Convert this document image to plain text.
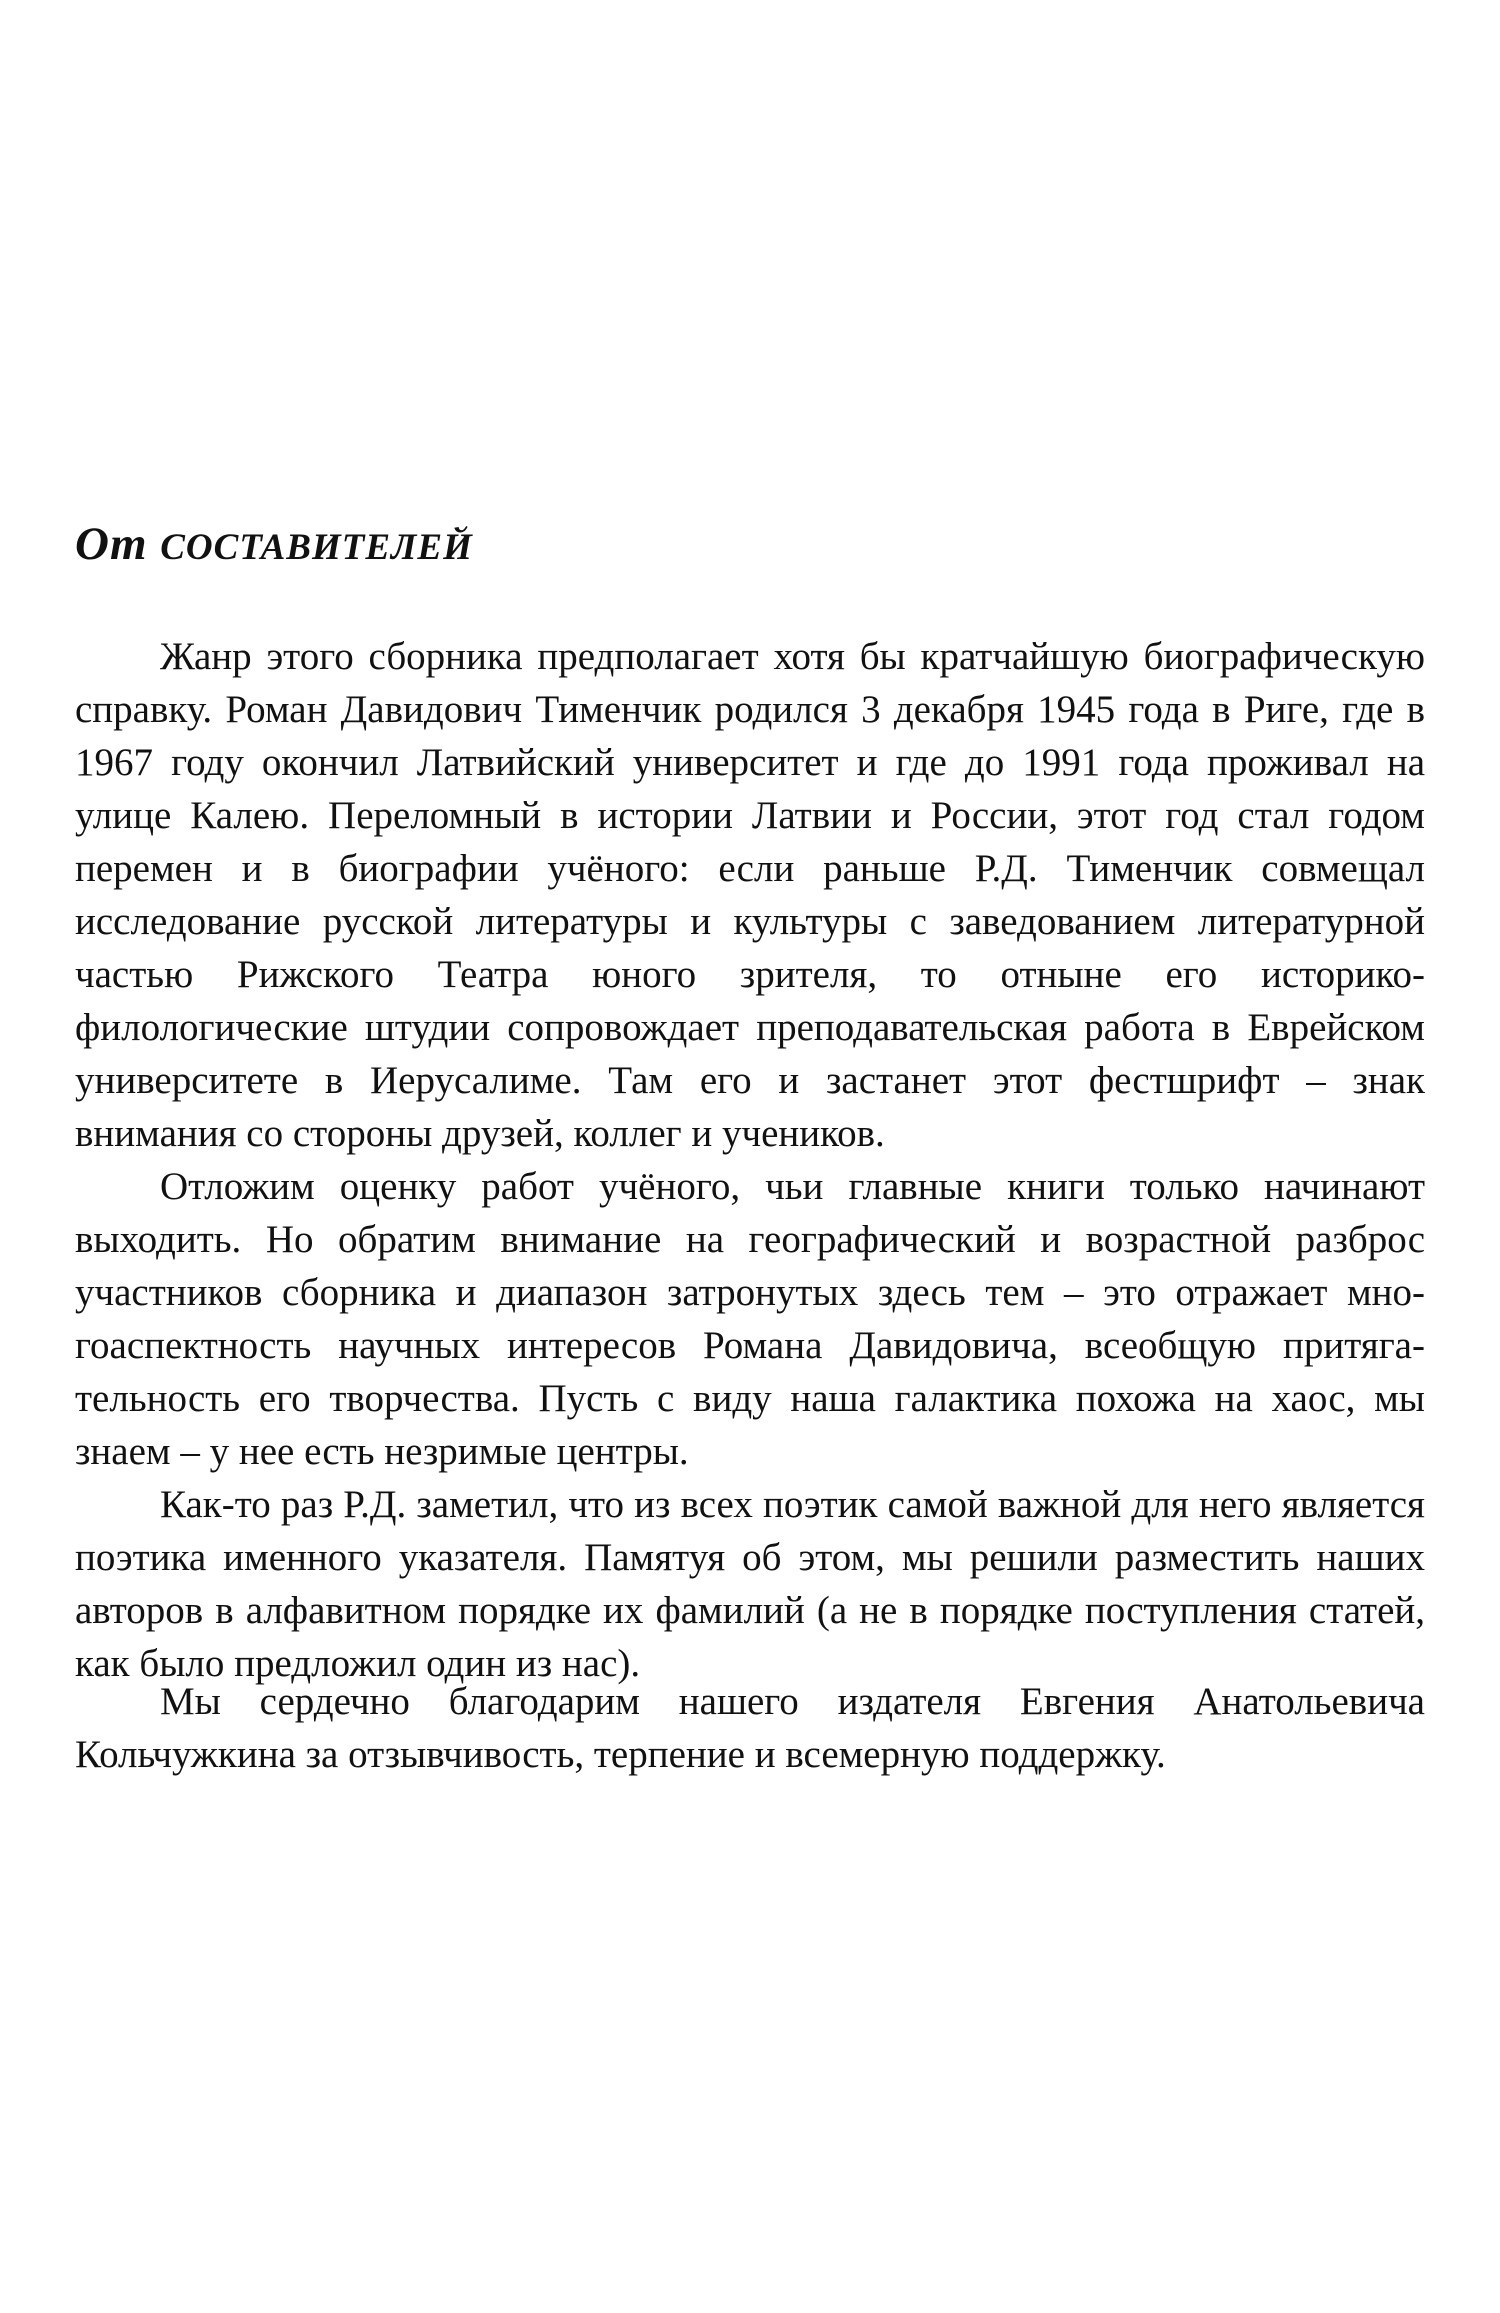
От СОСТАВИТЕЛЕЙ

Жанр этого сборника предполагает хотя бы кратчайшую биографическую справку. Роман Давидович Тименчик родился 3 декабря 1945 года в Риге, где в 1967 году окончил Латвийский университет и где до 1991 года проживал на улице Калею. Переломный в истории Латвии и России, этот год стал годом перемен и в биографии учёного: если раньше Р.Д. Тименчик совмещал исследование русской литературы и культуры с заведованием литературной частью Рижского Театра юного зрителя, то отныне его историко-филологические штудии сопровождает преподавательская работа в Еврейском университете в Иерусалиме. Там его и застанет этот фестшрифт – знак внимания со стороны друзей, коллег и учеников.

Отложим оценку работ учёного, чьи главные книги только начинают выходить. Но обратим внимание на географический и возрастной разброс участников сборника и диапазон затронутых здесь тем – это отражает многоаспектность научных интересов Романа Давидовича, всеобщую притягательность его творчества. Пусть с виду наша галактика похожа на хаос, мы знаем – у нее есть незримые центры.

Как-то раз Р.Д. заметил, что из всех поэтик самой важной для него является поэтика именного указателя. Памятуя об этом, мы решили разместить наших авторов в алфавитном порядке их фамилий (а не в порядке поступления статей, как было предложил один из нас).

Мы сердечно благодарим нашего издателя Евгения Анатольевича Кольчужкина за отзывчивость, терпение и всемерную поддержку.
